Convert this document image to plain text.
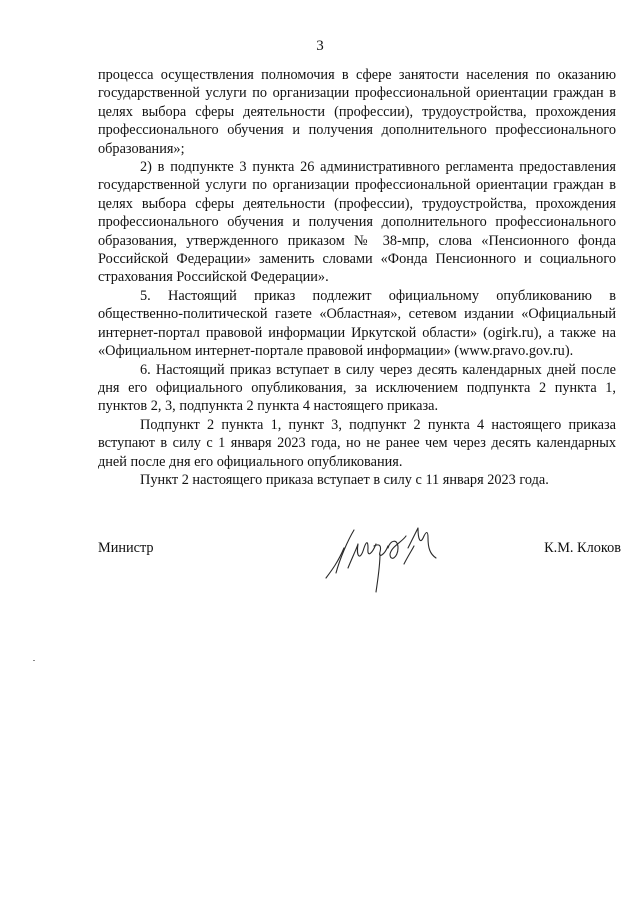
3

процесса осуществления полномочия в сфере занятости населения по оказанию государственной услуги по организации профессиональной ориентации граждан в целях выбора сферы деятельности (профессии), трудоустройства, прохождения профессионального обучения и получения дополнительного профессионального образования»;

2) в подпункте 3 пункта 26 административного регламента предоставления государственной услуги по организации профессиональной ориентации граждан в целях выбора сферы деятельности (профессии), трудоустройства, прохождения профессионального обучения и получения дополнительного профессионального образования, утвержденного приказом № 38-мпр, слова «Пенсионного фонда Российской Федерации» заменить словами «Фонда Пенсионного и социального страхования Российской Федерации».

5. Настоящий приказ подлежит официальному опубликованию в общественно-политической газете «Областная», сетевом издании «Официальный интернет-портал правовой информации Иркутской области» (ogirk.ru), а также на «Официальном интернет-портале правовой информации» (www.pravo.gov.ru).

6. Настоящий приказ вступает в силу через десять календарных дней после дня его официального опубликования, за исключением подпункта 2 пункта 1, пунктов 2, 3, подпункта 2 пункта 4 настоящего приказа.

Подпункт 2 пункта 1, пункт 3, подпункт 2 пункта 4 настоящего приказа вступают в силу с 1 января 2023 года, но не ранее чем через десять календарных дней после дня его официального опубликования.

Пункт 2 настоящего приказа вступает в силу с 11 января 2023 года.

Министр	К.М. Клоков
